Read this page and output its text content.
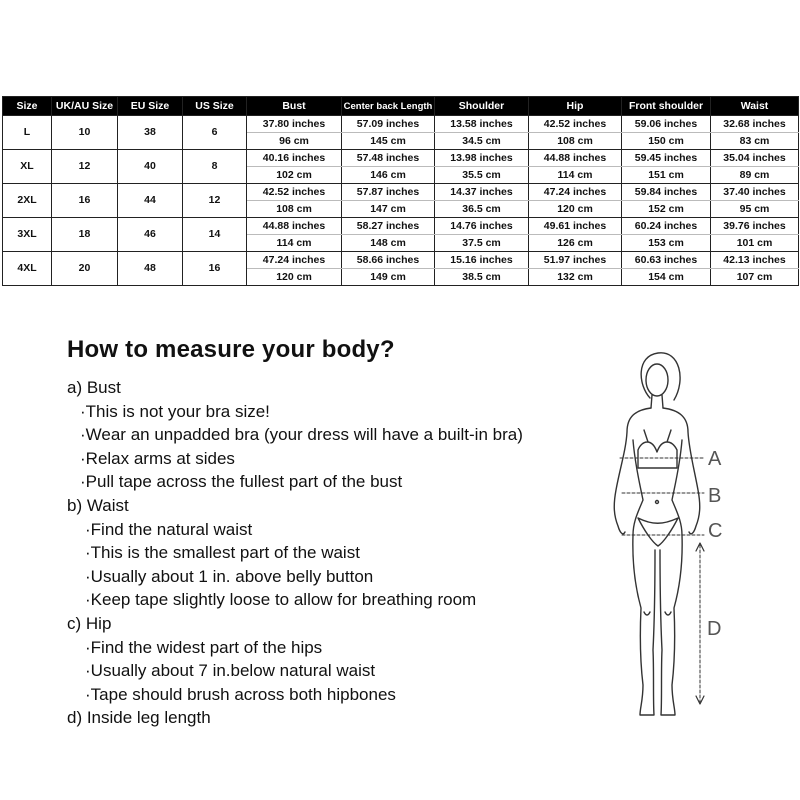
Size	UK/AU Size	EU Size	US Size	Bust	Center back Length	Shoulder	Hip	Front shoulder	Waist
L	10	38	6	37.80 inches	57.09 inches	13.58 inches	42.52 inches	59.06 inches	32.68 inches
				96 cm	145 cm	34.5 cm	108 cm	150 cm	83 cm
XL	12	40	8	40.16 inches	57.48 inches	13.98 inches	44.88 inches	59.45 inches	35.04 inches
				102 cm	146 cm	35.5 cm	114 cm	151 cm	89 cm
2XL	16	44	12	42.52 inches	57.87 inches	14.37 inches	47.24 inches	59.84 inches	37.40 inches
				108 cm	147 cm	36.5 cm	120 cm	152 cm	95 cm
3XL	18	46	14	44.88 inches	58.27 inches	14.76 inches	49.61 inches	60.24 inches	39.76 inches
				114 cm	148 cm	37.5 cm	126 cm	153 cm	101 cm
4XL	20	48	16	47.24 inches	58.66 inches	15.16 inches	51.97 inches	60.63 inches	42.13 inches
				120 cm	149 cm	38.5 cm	132 cm	154 cm	107 cm
How to measure your body?
a) Bust
·This is not your bra size!
·Wear an unpadded bra (your dress will have a built-in bra)
·Relax arms at sides
·Pull tape across the fullest part of the bust
b) Waist
·Find the natural waist
·This is the smallest part of the waist
·Usually about 1 in. above belly button
·Keep tape slightly loose to allow for breathing room
c) Hip
·Find the widest part of the hips
·Usually about 7 in.below natural waist
·Tape should brush across both hipbones
d) Inside leg length
A
B
C
D
